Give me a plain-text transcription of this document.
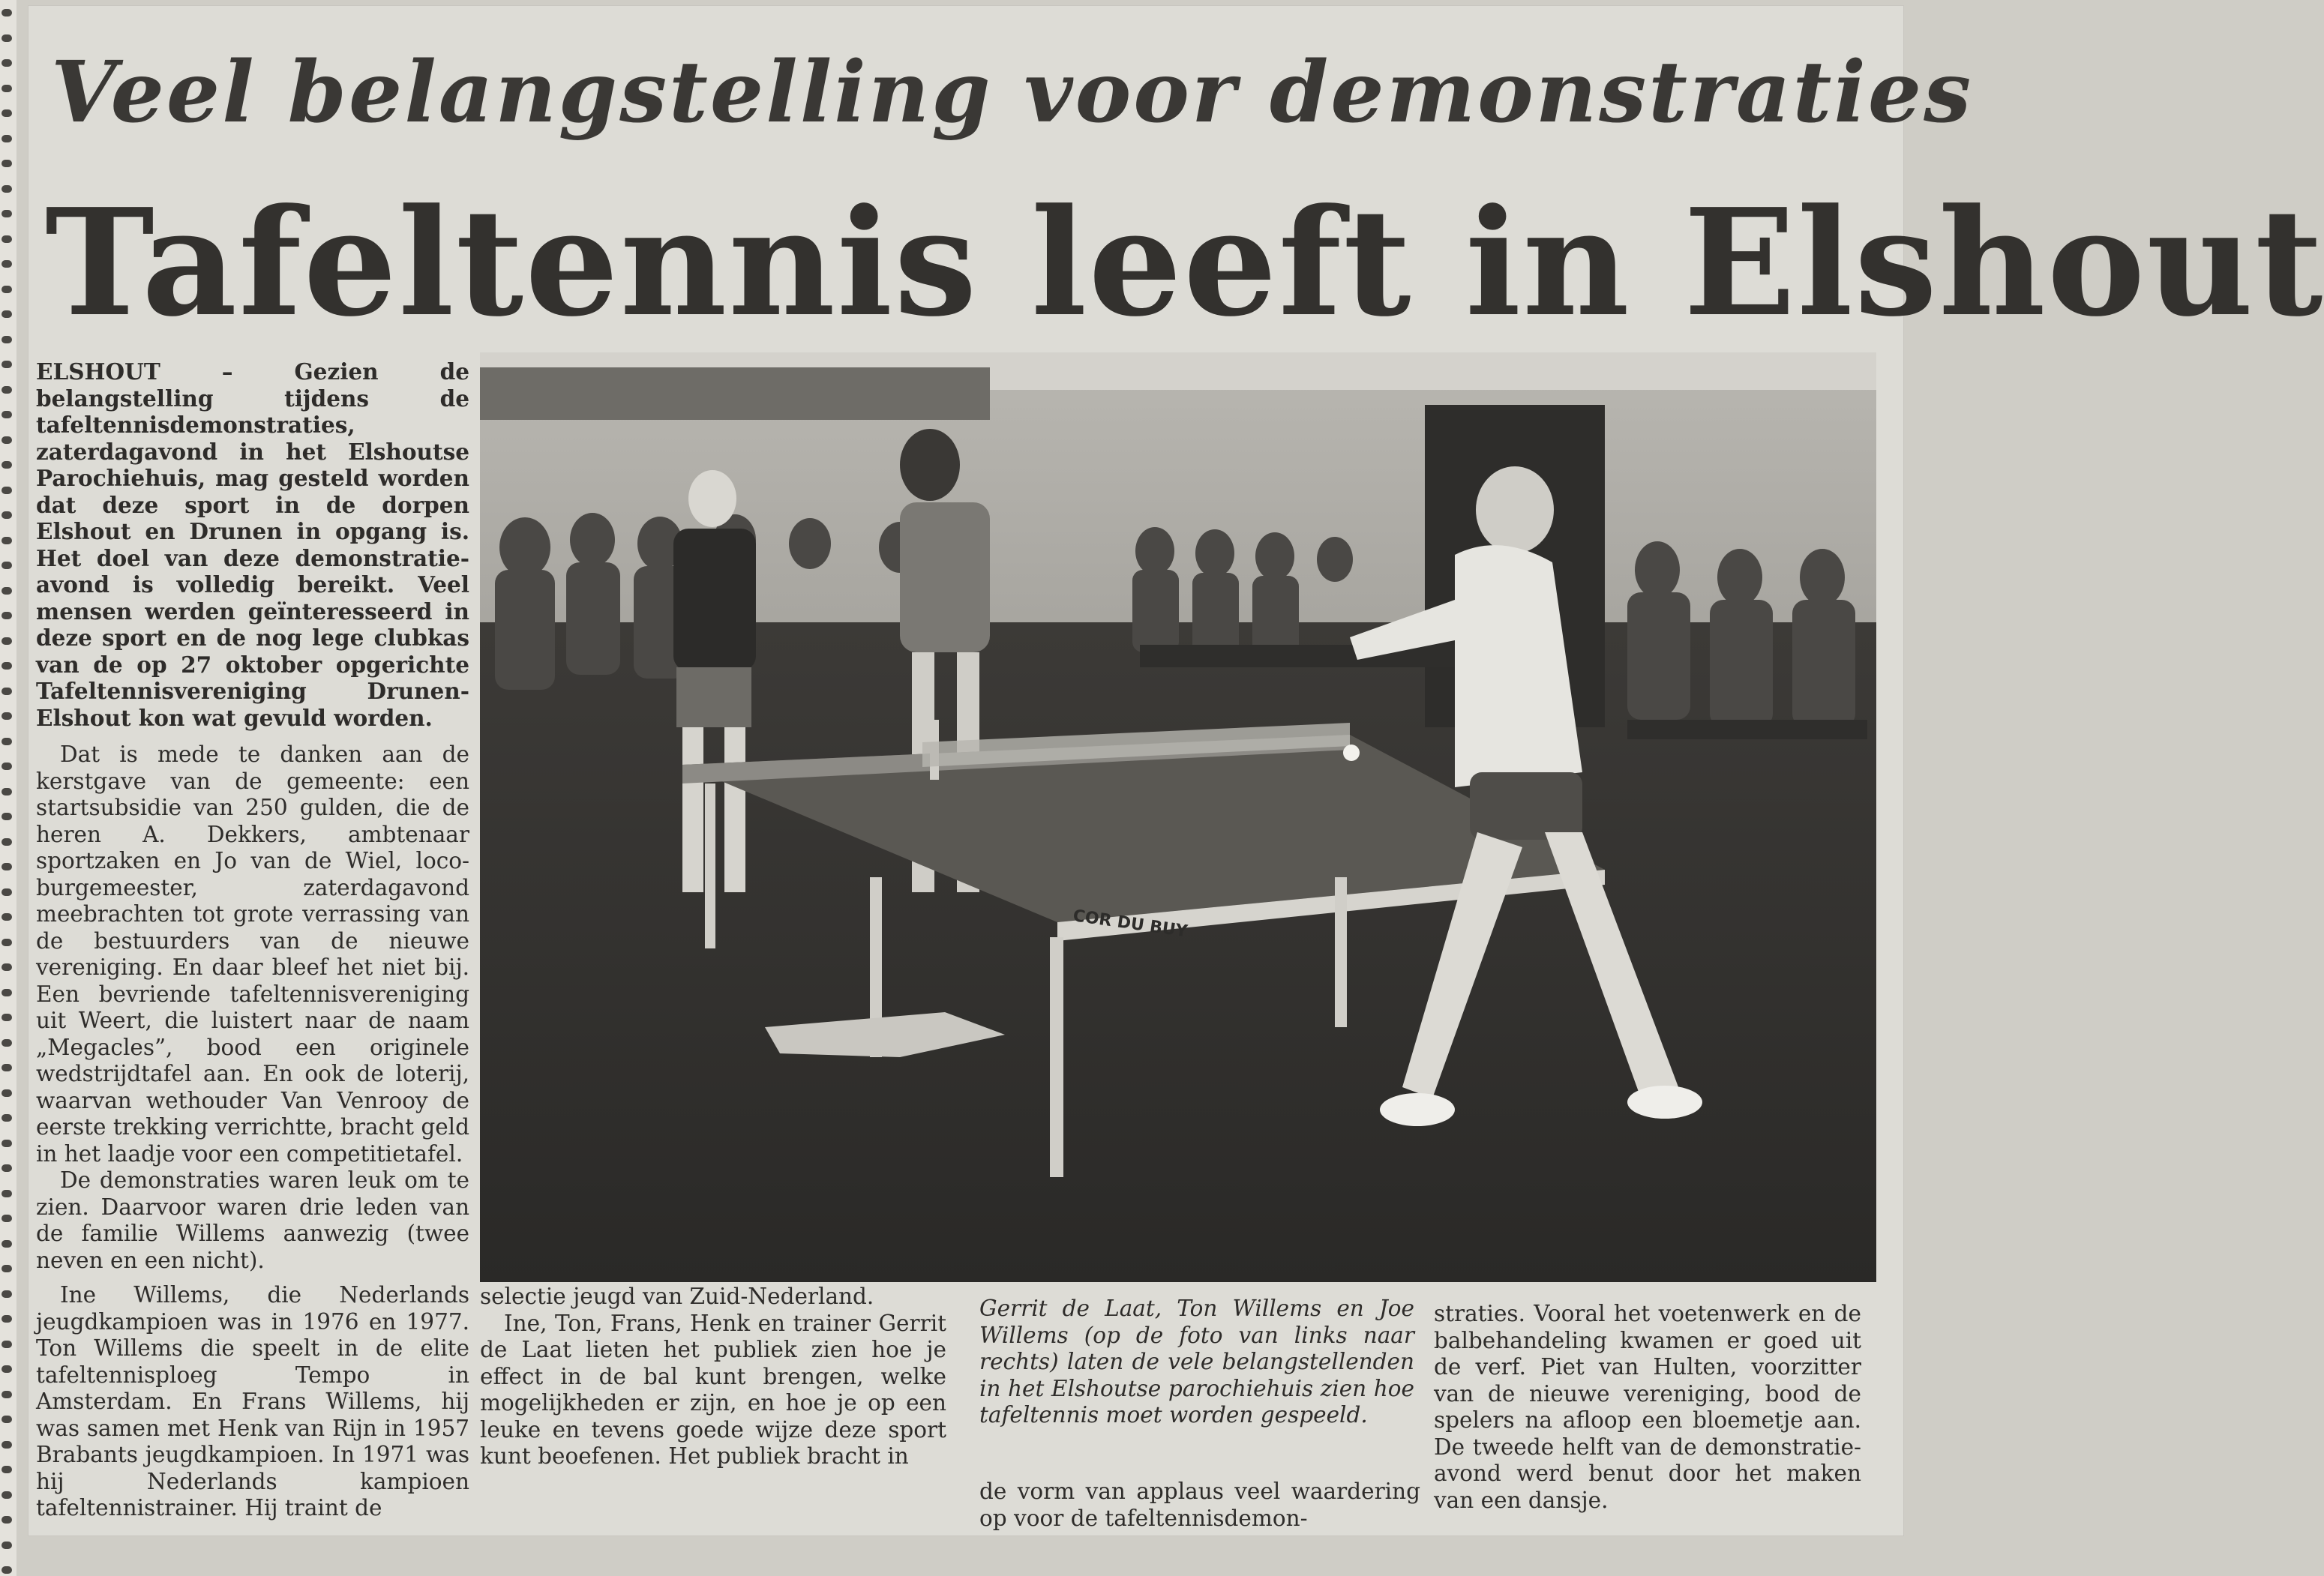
Veel belangstelling voor demonstraties
Tafeltennis leeft in Elshout

ELSHOUT – Gezien de belangstelling tijdens de tafeltennisdemonstraties, zaterdagavond in het Elshoutse Parochiehuis, mag gesteld worden dat deze sport in de dorpen Elshout en Drunen in opgang is. Het doel van deze demonstratie-avond is volledig bereikt. Veel mensen werden geïnteresseerd in deze sport en de nog lege clubkas van de op 27 oktober opgerichte Tafeltennisvereniging Drunen-Elshout kon wat gevuld worden.

Dat is mede te danken aan de kerstgave van de gemeente: een startsubsidie van 250 gulden, die de heren A. Dekkers, ambtenaar sportzaken en Jo van de Wiel, loco-burgemeester, zaterdagavond meebrachten tot grote verrassing van de bestuurders van de nieuwe vereniging. En daar bleef het niet bij. Een bevriende tafeltennisvereniging uit Weert, die luistert naar de naam „Megacles”, bood een originele wedstrijdtafel aan. En ook de loterij, waarvan wethouder Van Venrooy de eerste trekking verrichtte, bracht geld in het laadje voor een competitietafel.

De demonstraties waren leuk om te zien. Daarvoor waren drie leden van de familie Willems aanwezig (twee neven en een nicht).

Ine Willems, die Nederlands jeugdkampioen was in 1976 en 1977. Ton Willems die speelt in de elite tafeltennisploeg Tempo in Amsterdam. En Frans Willems, hij was samen met Henk van Rijn in 1957 Brabants jeugdkampioen. In 1971 was hij Nederlands kampioen tafeltennistrainer. Hij traint de

COR DU BUY

selectie jeugd van Zuid-Nederland.

Ine, Ton, Frans, Henk en trainer Gerrit de Laat lieten het publiek zien hoe je effect in de bal kunt brengen, welke mogelijkheden er zijn, en hoe je op een leuke en tevens goede wijze deze sport kunt beoefenen. Het publiek bracht in

Gerrit de Laat, Ton Willems en Joe Willems (op de foto van links naar rechts) laten de vele belangstellenden in het Elshoutse parochiehuis zien hoe tafeltennis moet worden gespeeld.

de vorm van applaus veel waardering op voor de tafeltennisdemon-

straties. Vooral het voetenwerk en de balbehandeling kwamen er goed uit de verf. Piet van Hulten, voorzitter van de nieuwe vereniging, bood de spelers na afloop een bloemetje aan. De tweede helft van de demonstratie-avond werd benut door het maken van een dansje.
